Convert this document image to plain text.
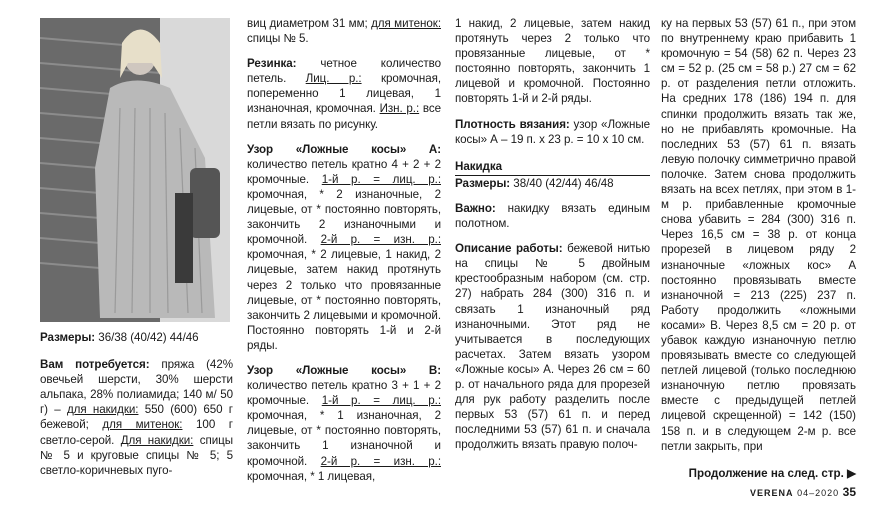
Размеры: 36/38 (40/42) 44/46

Вам потребуется: пряжа (42% овечьей шерсти, 30% шерсти альпака, 28% полиамида; 140 м/ 50 г) – для накидки: 550 (600) 650 г бежевой; для митенок: 100 г светло-серой. Для накидки: спицы № 5 и круговые спицы № 5; 5 светло-коричневых пуго-

виц диаметром 31 мм; для митенок: спицы № 5.

Резинка: четное количество петель. Лиц. р.: кромочная, попеременно 1 лицевая, 1 изнаночная, кромочная. Изн. р.: все петли вязать по рисунку.

Узор «Ложные косы» А: количество петель кратно 4 + 2 + 2 кромочные. 1-й р. = лиц. р.: кромочная, * 2 изнаночные, 2 лицевые, от * постоянно повторять, закончить 2 изнаночными и кромочной. 2-й р. = изн. р.: кромочная, * 2 лицевые, 1 накид, 2 лицевые, затем накид протянуть через 2 только что провязанные лицевые, от * постоянно повторять, закончить 2 лицевыми и кромочной. Постоянно повторять 1-й и 2-й ряды.

Узор «Ложные косы» В: количество петель кратно 3 + 1 + 2 кромочные. 1-й р. = лиц. р.: кромочная, * 1 изнаночная, 2 лицевые, от * постоянно повторять, закончить 1 изнаночной и кромочной. 2-й р. = изн. р.: кромочная, * 1 лицевая,

1 накид, 2 лицевые, затем накид протянуть через 2 только что провязанные лицевые, от * постоянно повторять, закончить 1 лицевой и кромочной. Постоянно повторять 1-й и 2-й ряды.

Плотность вязания: узор «Ложные косы» А – 19 п. х 23 р. = 10 х 10 см.

Накидка

Размеры: 38/40 (42/44) 46/48

Важно: накидку вязать единым полотном.

Описание работы: бежевой нитью на спицы № 5 двойным крестообразным набором (см. стр. 27) набрать 284 (300) 316 п. и связать 1 изнаночный ряд изнаночными. Этот ряд не учитывается в последующих расчетах. Затем вязать узором «Ложные косы» А. Через 26 см = 60 р. от начального ряда для прорезей для рук работу разделить после первых 53 (57) 61 п. и перед последними 53 (57) 61 п. и сначала продолжить вязать правую полоч-

ку на первых 53 (57) 61 п., при этом по внутреннему краю прибавить 1 кромочную = 54 (58) 62 п. Через 23 см = 52 р. (25 см = 58 р.) 27 см = 62 р. от разделения петли отложить. На средних 178 (186) 194 п. для спинки продолжить вязать так же, но не прибавлять кромочные. На последних 53 (57) 61 п. вязать левую полочку симметрично правой полочке. Затем снова продолжить вязать на всех петлях, при этом в 1-м р. прибавленные кромочные снова убавить = 284 (300) 316 п. Через 16,5 см = 38 р. от конца прорезей в лицевом ряду 2 изнаночные «ложных кос» А постоянно провязывать вместе изнаночной = 213 (225) 237 п. Работу продолжить «ложными косами» В. Через 8,5 см = 20 р. от убавок каждую изнаночную петлю провязывать вместе со следующей петлей лицевой (только последнюю изнаночную петлю провязать вместе с предыдущей петлей лицевой скрещенной) = 142 (150) 158 п. и в следующем 2-м р. все петли закрыть, при

Продолжение на след. стр. ▶
VERENA 04–2020 35
